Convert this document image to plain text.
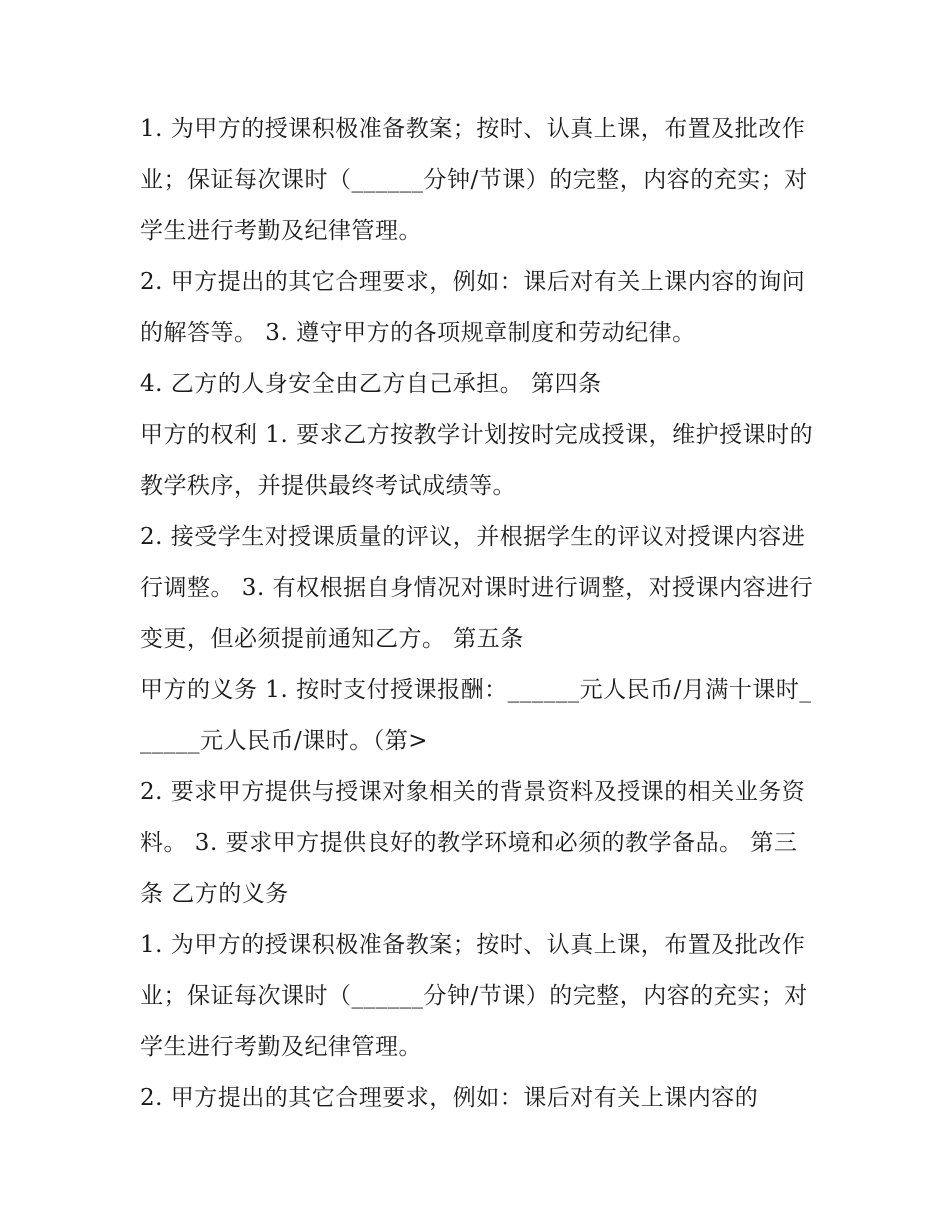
1. 为甲方的授课积极准备教案；按时、认真上课，布置及批改作业；保证每次课时（______分钟/节课）的完整，内容的充实；对学生进行考勤及纪律管理。

2. 甲方提出的其它合理要求，例如：课后对有关上课内容的询问的解答等。 3. 遵守甲方的各项规章制度和劳动纪律。

4. 乙方的人身安全由乙方自己承担。 第四条

甲方的权利 1. 要求乙方按教学计划按时完成授课，维护授课时的教学秩序，并提供最终考试成绩等。

2. 接受学生对授课质量的评议，并根据学生的评议对授课内容进行调整。 3. 有权根据自身情况对课时进行调整，对授课内容进行变更，但必须提前通知乙方。 第五条

甲方的义务 1. 按时支付授课报酬：______元人民币/月满十课时______元人民币/课时。（第>

2. 要求甲方提供与授课对象相关的背景资料及授课的相关业务资料。 3. 要求甲方提供良好的教学环境和必须的教学备品。 第三条 乙方的义务

1. 为甲方的授课积极准备教案；按时、认真上课，布置及批改作业；保证每次课时（______分钟/节课）的完整，内容的充实；对学生进行考勤及纪律管理。

2. 甲方提出的其它合理要求，例如：课后对有关上课内容的
